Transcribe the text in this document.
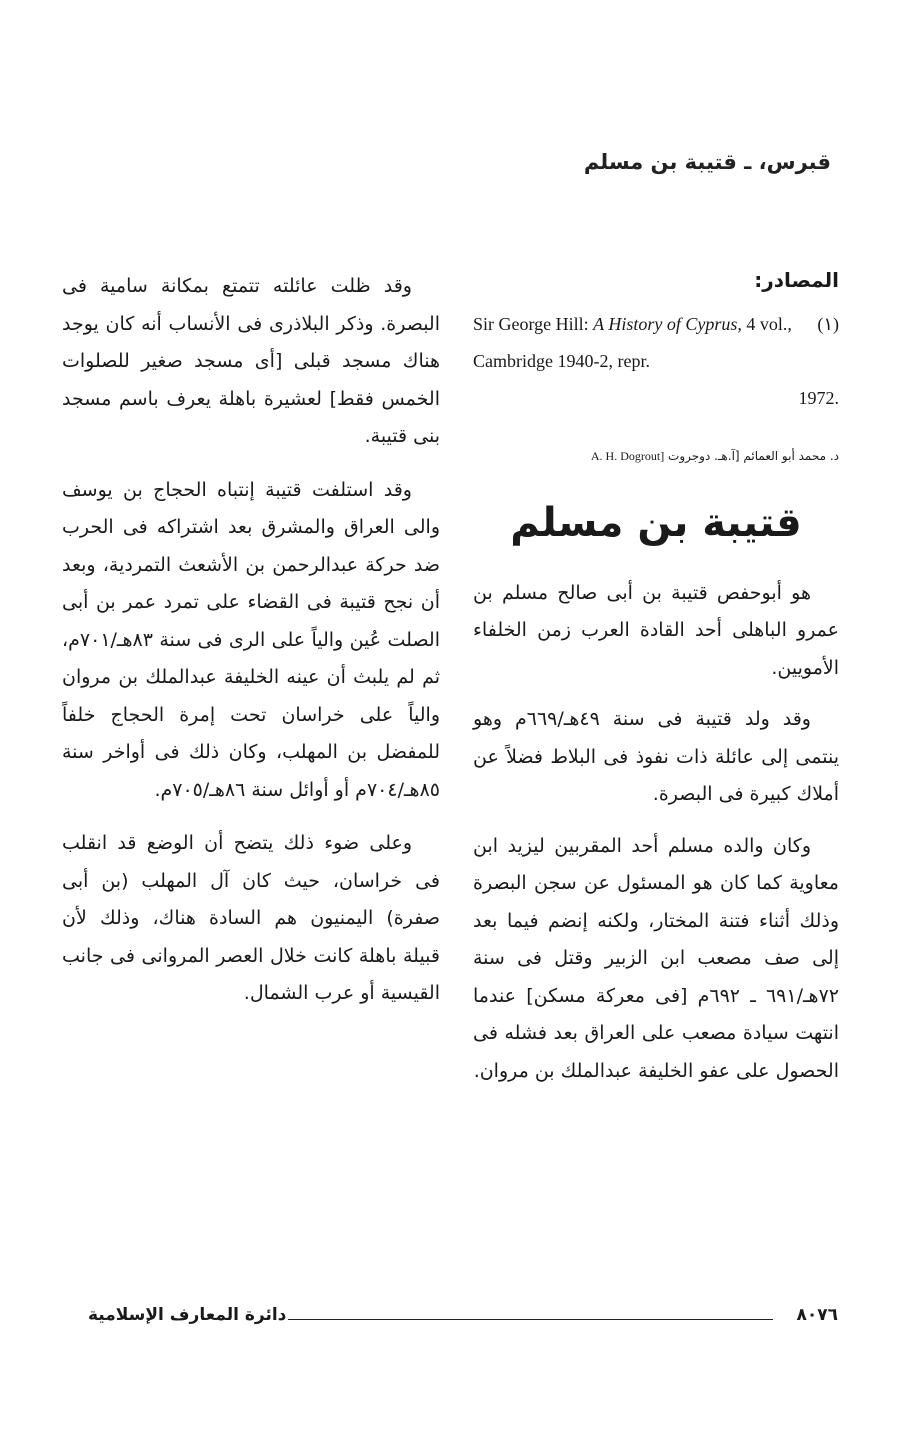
قبرس، ـ قتيبة بن مسلم
المصادر:
(١)
Sir George Hill: A History of Cyprus, 4 vol., Cambridge 1940-2, repr.
1972.
A. H. Dogrout] د. محمد أبو العمائم [آ.هـ. دوجروت
قتيبة بن مسلم

هو أبوحفص قتيبة بن أبى صالح مسلم بن عمرو الباهلى أحد القادة العرب زمن الخلفاء الأمويين.

وقد ولد قتيبة فى سنة ٤٩هـ/٦٦٩م وهو ينتمى إلى عائلة ذات نفوذ فى البلاط فضلاً عن أملاك كبيرة فى البصرة.

وكان والده مسلم أحد المقربين ليزيد ابن معاوية كما كان هو المسئول عن سجن البصرة وذلك أثناء فتنة المختار، ولكنه إنضم فيما بعد إلى صف مصعب ابن الزبير وقتل فى سنة ٧٢هـ/٦٩١ ـ ٦٩٢م [فى معركة مسكن] عندما انتهت سيادة مصعب على العراق بعد فشله فى الحصول على عفو الخليفة عبدالملك بن مروان.

وقد ظلت عائلته تتمتع بمكانة سامية فى البصرة. وذكر البلاذرى فى الأنساب أنه كان يوجد هناك مسجد قبلى [أى مسجد صغير للصلوات الخمس فقط] لعشيرة باهلة يعرف باسم مسجد بنى قتيبة.

وقد استلفت قتيبة إنتباه الحجاج بن يوسف والى العراق والمشرق بعد اشتراكه فى الحرب ضد حركة عبدالرحمن بن الأشعث التمردية، وبعد أن نجح قتيبة فى القضاء على تمرد عمر بن أبى الصلت عُين والياً على الرى فى سنة ٨٣هـ/٧٠١م، ثم لم يلبث أن عينه الخليفة عبدالملك بن مروان والياً على خراسان تحت إمرة الحجاج خلفاً للمفضل بن المهلب، وكان ذلك فى أواخر سنة ٨٥هـ/٧٠٤م أو أوائل سنة ٨٦هـ/٧٠٥م.

وعلى ضوء ذلك يتضح أن الوضع قد انقلب فى خراسان، حيث كان آل المهلب (بن أبى صفرة) اليمنيون هم السادة هناك، وذلك لأن قبيلة باهلة كانت خلال العصر المروانى فى جانب القيسية أو عرب الشمال.

دائرة المعارف الإسلامية	٨٠٧٦
